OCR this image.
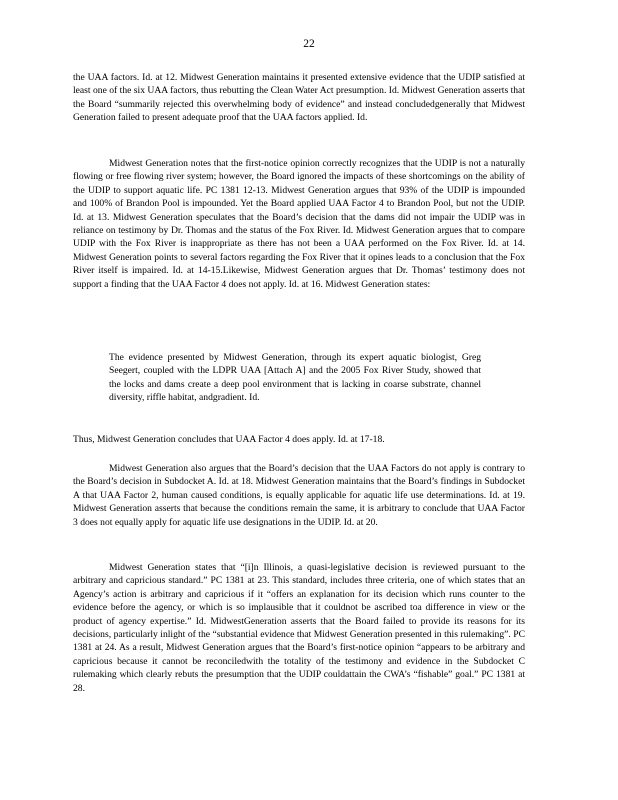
22

the UAA factors. Id. at 12. Midwest Generation maintains it presented extensive evidence that the UDIP satisfied at least one of the six UAA factors, thus rebutting the Clean Water Act presumption. Id. Midwest Generation asserts that the Board “summarily rejected this overwhelming body of evidence” and instead concludedgenerally that Midwest Generation failed to present adequate proof that the UAA factors applied. Id.

Midwest Generation notes that the first-notice opinion correctly recognizes that the UDIP is not a naturally flowing or free flowing river system; however, the Board ignored the impacts of these shortcomings on the ability of the UDIP to support aquatic life. PC 1381 12-13. Midwest Generation argues that 93% of the UDIP is impounded and 100% of Brandon Pool is impounded. Yet the Board applied UAA Factor 4 to Brandon Pool, but not the UDIP. Id. at 13. Midwest Generation speculates that the Board’s decision that the dams did not impair the UDIP was in reliance on testimony by Dr. Thomas and the status of the Fox River. Id. Midwest Generation argues that to compare UDIP with the Fox River is inappropriate as there has not been a UAA performed on the Fox River. Id. at 14. Midwest Generation points to several factors regarding the Fox River that it opines leads to a conclusion that the Fox River itself is impaired. Id. at 14-15.Likewise, Midwest Generation argues that Dr. Thomas’ testimony does not support a finding that the UAA Factor 4 does not apply. Id. at 16. Midwest Generation states:

The evidence presented by Midwest Generation, through its expert aquatic biologist, Greg Seegert, coupled with the LDPR UAA [Attach A] and the 2005 Fox River Study, showed that the locks and dams create a deep pool environment that is lacking in coarse substrate, channel diversity, riffle habitat, andgradient. Id.

Thus, Midwest Generation concludes that UAA Factor 4 does apply. Id. at 17-18.

Midwest Generation also argues that the Board’s decision that the UAA Factors do not apply is contrary to the Board’s decision in Subdocket A. Id. at 18. Midwest Generation maintains that the Board’s findings in Subdocket A that UAA Factor 2, human caused conditions, is equally applicable for aquatic life use determinations. Id. at 19. Midwest Generation asserts that because the conditions remain the same, it is arbitrary to conclude that UAA Factor 3 does not equally apply for aquatic life use designations in the UDIP. Id. at 20.

Midwest Generation states that “[i]n Illinois, a quasi-legislative decision is reviewed pursuant to the arbitrary and capricious standard.” PC 1381 at 23. This standard, includes three criteria, one of which states that an Agency’s action is arbitrary and capricious if it “offers an explanation for its decision which runs counter to the evidence before the agency, or which is so implausible that it couldnot be ascribed toa difference in view or the product of agency expertise.” Id. MidwestGeneration asserts that the Board failed to provide its reasons for its decisions, particularly inlight of the “substantial evidence that Midwest Generation presented in this rulemaking”. PC 1381 at 24. As a result, Midwest Generation argues that the Board’s first-notice opinion “appears to be arbitrary and capricious because it cannot be reconciledwith the totality of the testimony and evidence in the Subdocket C rulemaking which clearly rebuts the presumption that the UDIP couldattain the CWA’s “fishable” goal.” PC 1381 at 28.
